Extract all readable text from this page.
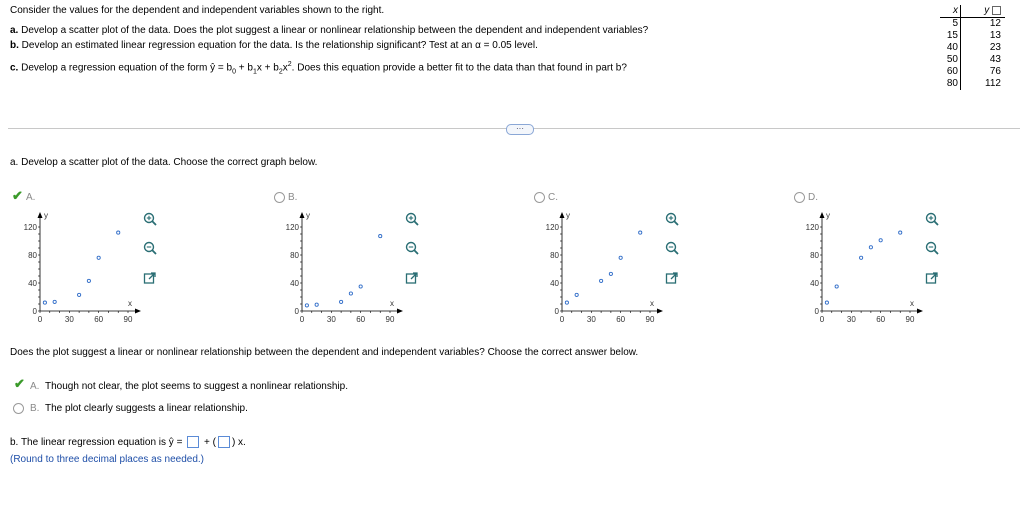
Consider the values for the dependent and independent variables shown to the right.
a. Develop a scatter plot of the data. Does the plot suggest a linear or nonlinear relationship between the dependent and independent variables?
b. Develop an estimated linear regression equation for the data. Is the relationship significant? Test at an α = 0.05 level.
c. Develop a regression equation of the form ŷ = $b_0 + b_1x + b_2x^2$. Does this equation provide a better fit to the data than that found in part b?
x	y
5	12
15	13
40	23
50	43
60	76
80	112
···
a. Develop a scatter plot of the data. Choose the correct graph below.
✔ A.
0
40
80
120
0	30	60	90
y
x
B.
0
40
80
120
0	30	60	90
y
x
C.
0
40
80
120
0	30	60	90
y
x
D.
0
40
80
120
0	30	60	90
y
x
Does the plot suggest a linear or nonlinear relationship between the dependent and independent variables? Choose the correct answer below.
✔ A. Though not clear, the plot seems to suggest a nonlinear relationship.
B. The plot clearly suggests a linear relationship.
b. The linear regression equation is ŷ = + ( ) x.
(Round to three decimal places as needed.)
